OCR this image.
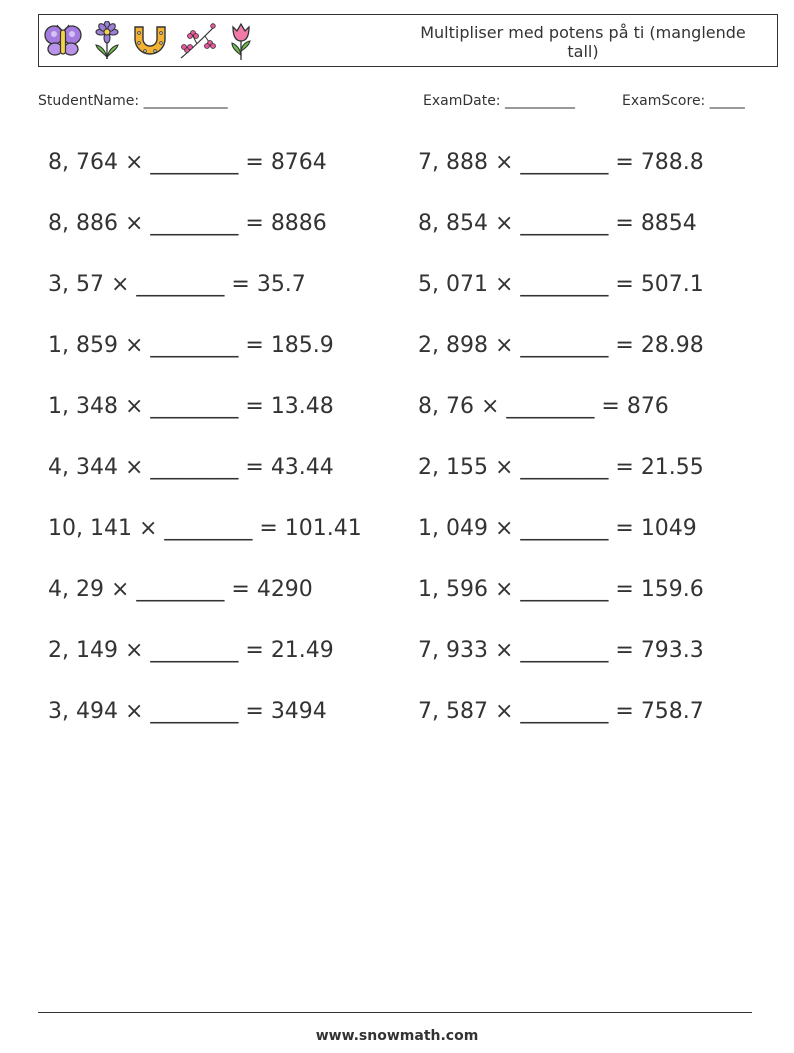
Multipliser med potens på ti (manglende tall)
StudentName: ____________	ExamDate: __________	ExamScore: _____
8, 764 × ________ = 8764
8, 886 × ________ = 8886
3, 57 × ________ = 35.7
1, 859 × ________ = 185.9
1, 348 × ________ = 13.48
4, 344 × ________ = 43.44
10, 141 × ________ = 101.41
4, 29 × ________ = 4290
2, 149 × ________ = 21.49
3, 494 × ________ = 3494
7, 888 × ________ = 788.8
8, 854 × ________ = 8854
5, 071 × ________ = 507.1
2, 898 × ________ = 28.98
8, 76 × ________ = 876
2, 155 × ________ = 21.55
1, 049 × ________ = 1049
1, 596 × ________ = 159.6
7, 933 × ________ = 793.3
7, 587 × ________ = 758.7
www.snowmath.com
